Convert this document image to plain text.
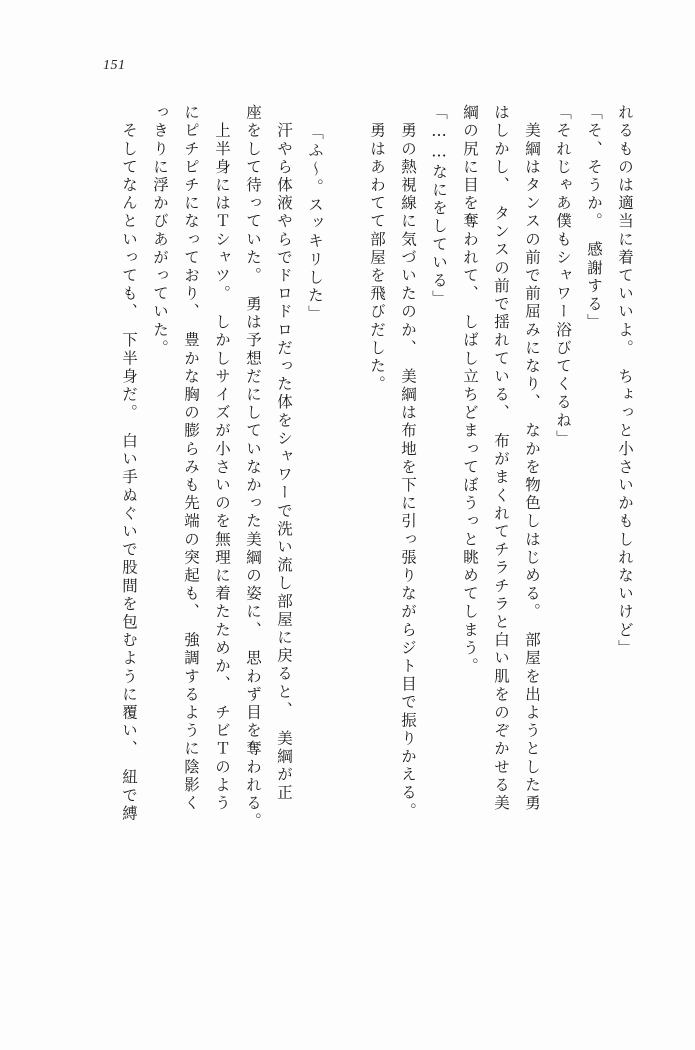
151
れるものは適当に着ていいよ。　ちょっと小さいかもしれないけど」
「そ、そうか。　感謝する」
「それじゃあ僕もシャワー浴びてくるね」
　美綱はタンスの前で前屈みになり、　なかを物色しはじめる。　部屋を出ようとした勇
はしかし、　タンスの前で揺れている、　布がまくれてチラチラと白い肌をのぞかせる美
綱の尻に目を奪われて、　しばし立ちどまってぼうっと眺めてしまう。
「……なにをしている」
　勇の熱視線に気づいたのか、　美綱は布地を下に引っ張りながらジト目で振りかえる。
　勇はあわてて部屋を飛びだした。
「ふ～。スッキリした」
　汗やら体液やらでドロドロだった体をシャワーで洗い流し部屋に戻ると、　美綱が正
座をして待っていた。　勇は予想だにしていなかった美綱の姿に、　思わず目を奪われる。
　上半身にはＴシャツ。　しかしサイズが小さいのを無理に着たためか、　チビＴのよう
にピチピチになっており、　豊かな胸の膨らみも先端の突起も、　強調するように陰影く
っきりに浮かびあがっていた。
　そしてなんといっても、　下半身だ。　白い手ぬぐいで股間を包むように覆い、　紐で縛
